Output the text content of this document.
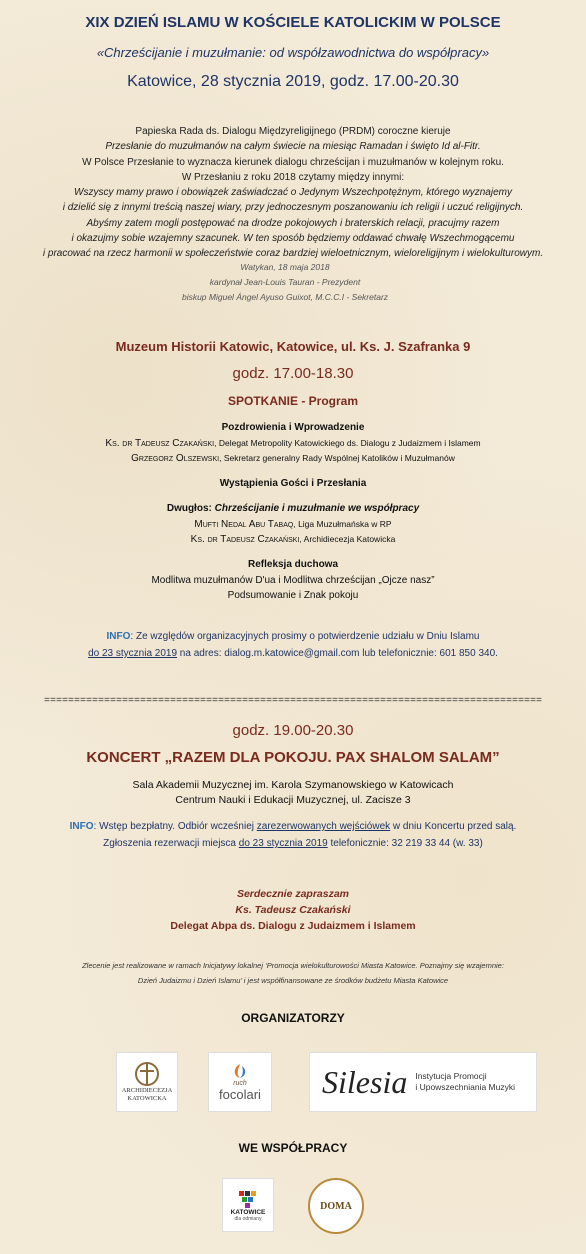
XIX DZIEŃ ISLAMU W KOŚCIELE KATOLICKIM W POLSCE
«Chrześcijanie i muzułmanie: od współzawodnictwa do współpracy»
Katowice, 28 stycznia 2019, godz. 17.00-20.30
Papieska Rada ds. Dialogu Międzyreligijnego (PRDM) coroczne kieruje
Przesłanie do muzułmanów na całym świecie na miesiąc Ramadan i święto Id al-Fitr.
W Polsce Przesłanie to wyznacza kierunek dialogu chrześcijan i muzułmanów w kolejnym roku.
W Przesłaniu z roku 2018 czytamy między innymi:
Wszyscy mamy prawo i obowiązek zaświadczać o Jedynym Wszechpotężnym, którego wyznajemy
i dzielić się z innymi treścią naszej wiary, przy jednoczesnym poszanowaniu ich religii i uczuć religijnych.
Abyśmy zatem mogli postępować na drodze pokojowych i braterskich relacji, pracujmy razem
i okazujmy sobie wzajemny szacunek. W ten sposób będziemy oddawać chwałę Wszechmogącemu
i pracować na rzecz harmonii w społeczeństwie coraz bardziej wieloetnicznym, wieloreligijnym i wielokulturowym.
Watykan, 18 maja 2018
kardynał Jean-Louis Tauran - Prezydent
biskup Miguel Ángel Ayuso Guixot, M.C.C.I - Sekretarz
Muzeum Historii Katowic, Katowice, ul. Ks. J. Szafranka 9
godz. 17.00-18.30
SPOTKANIE - Program
Pozdrowienia i Wprowadzenie
Ks. dr Tadeusz Czakański, Delegat Metropolity Katowickiego ds. Dialogu z Judaizmem i Islamem
Grzegorz Olszewski, Sekretarz generalny Rady Wspólnej Katolików i Muzułmanów
Wystąpienia Gości i Przesłania
Dwugłos: Chrześcijanie i muzułmanie we współpracy
Mufti Nedal Abu Tabaq, Liga Muzułmańska w RP
Ks. dr Tadeusz Czakański, Archidiecezja Katowicka
Refleksja duchowa
Modlitwa muzułmanów D'ua i Modlitwa chrześcijan „Ojcze nasz”
Podsumowanie i Znak pokoju
INFO: Ze względów organizacyjnych prosimy o potwierdzenie udziału w Dniu Islamu
do 23 stycznia 2019 na adres: dialog.m.katowice@gmail.com lub telefonicznie: 601 850 340.
===================================================================================
godz. 19.00-20.30
KONCERT „RAZEM DLA POKOJU. PAX SHALOM SALAM”
Sala Akademii Muzycznej im. Karola Szymanowskiego w Katowicach
Centrum Nauki i Edukacji Muzycznej, ul. Zacisze 3
INFO: Wstęp bezpłatny. Odbiór wcześniej zarezerwowanych wejściówek w dniu Koncertu przed salą.
Zgłoszenia rezerwacji miejsca do 23 stycznia 2019 telefonicznie: 32 219 33 44 (w. 33)
Serdecznie zapraszam
Ks. Tadeusz Czakański
Delegat Abpa ds. Dialogu z Judaizmem i Islamem
Zlecenie jest realizowane w ramach Inicjatywy lokalnej ‘Promocja wielokulturowości Miasta Katowice. Poznajmy się wzajemnie:
Dzień Judaizmu i Dzień Islamu’ i jest współfinansowane ze środków budżetu Miasta Katowice
ORGANIZATORZY
ARCHIDIECEZJA
KATOWICKA
ruch
focolari Silesia Instytucja Promocji
i Upowszechniania Muzyki
WE WSPÓŁPRACY
KATOWICE
dla odmiany
DOMA
